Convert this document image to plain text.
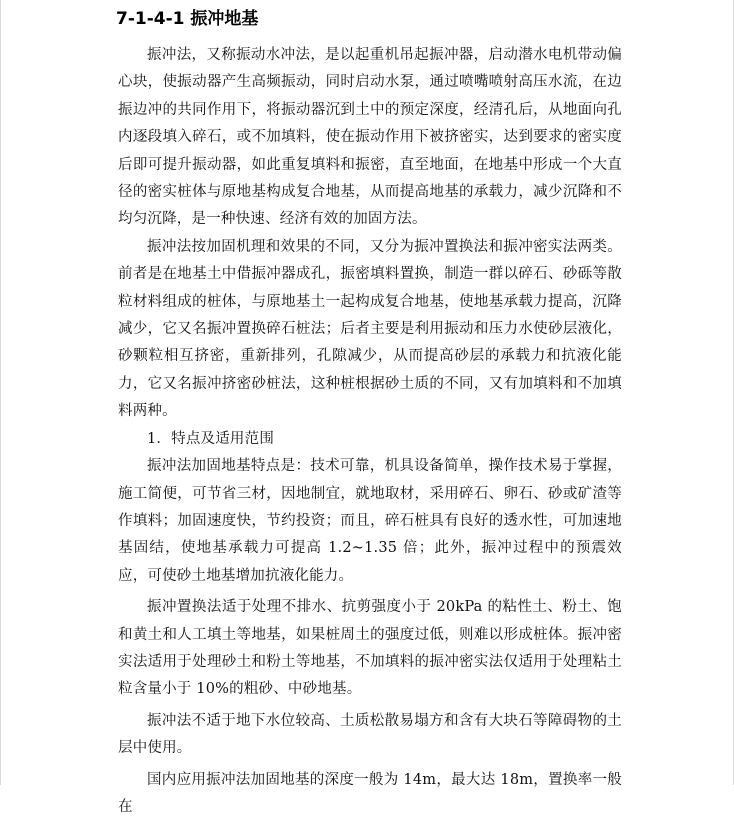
7-1-4-1 振冲地基

振冲法，又称振动水冲法，是以起重机吊起振冲器，启动潜水电机带动偏心块，使振动器产生高频振动，同时启动水泵，通过喷嘴喷射高压水流，在边振边冲的共同作用下，将振动器沉到土中的预定深度，经清孔后，从地面向孔内逐段填入碎石，或不加填料，使在振动作用下被挤密实，达到要求的密实度后即可提升振动器，如此重复填料和振密，直至地面，在地基中形成一个大直径的密实桩体与原地基构成复合地基，从而提高地基的承载力，减少沉降和不均匀沉降，是一种快速、经济有效的加固方法。

振冲法按加固机理和效果的不同，又分为振冲置换法和振冲密实法两类。前者是在地基土中借振冲器成孔，振密填料置换，制造一群以碎石、砂砾等散粒材料组成的桩体，与原地基土一起构成复合地基，使地基承载力提高，沉降减少，它又名振冲置换碎石桩法；后者主要是利用振动和压力水使砂层液化，砂颗粒相互挤密，重新排列，孔隙减少，从而提高砂层的承载力和抗液化能力，它又名振冲挤密砂桩法，这种桩根据砂土质的不同，又有加填料和不加填料两种。

1．特点及适用范围

振冲法加固地基特点是：技术可靠，机具设备简单，操作技术易于掌握，施工简便，可节省三材，因地制宜，就地取材，采用碎石、卵石、砂或矿渣等作填料；加固速度快，节约投资；而且，碎石桩具有良好的透水性，可加速地基固结，使地基承载力可提高 1.2~1.35 倍；此外，振冲过程中的预震效应，可使砂土地基增加抗液化能力。

振冲置换法适于处理不排水、抗剪强度小于 20kPa 的粘性土、粉土、饱和黄土和人工填土等地基，如果桩周土的强度过低，则难以形成桩体。振冲密实法适用于处理砂土和粉土等地基，不加填料的振冲密实法仅适用于处理粘土粒含量小于 10%的粗砂、中砂地基。

振冲法不适于地下水位较高、土质松散易塌方和含有大块石等障碍物的土层中使用。

国内应用振冲法加固地基的深度一般为 14m，最大达 18m，置换率一般在
